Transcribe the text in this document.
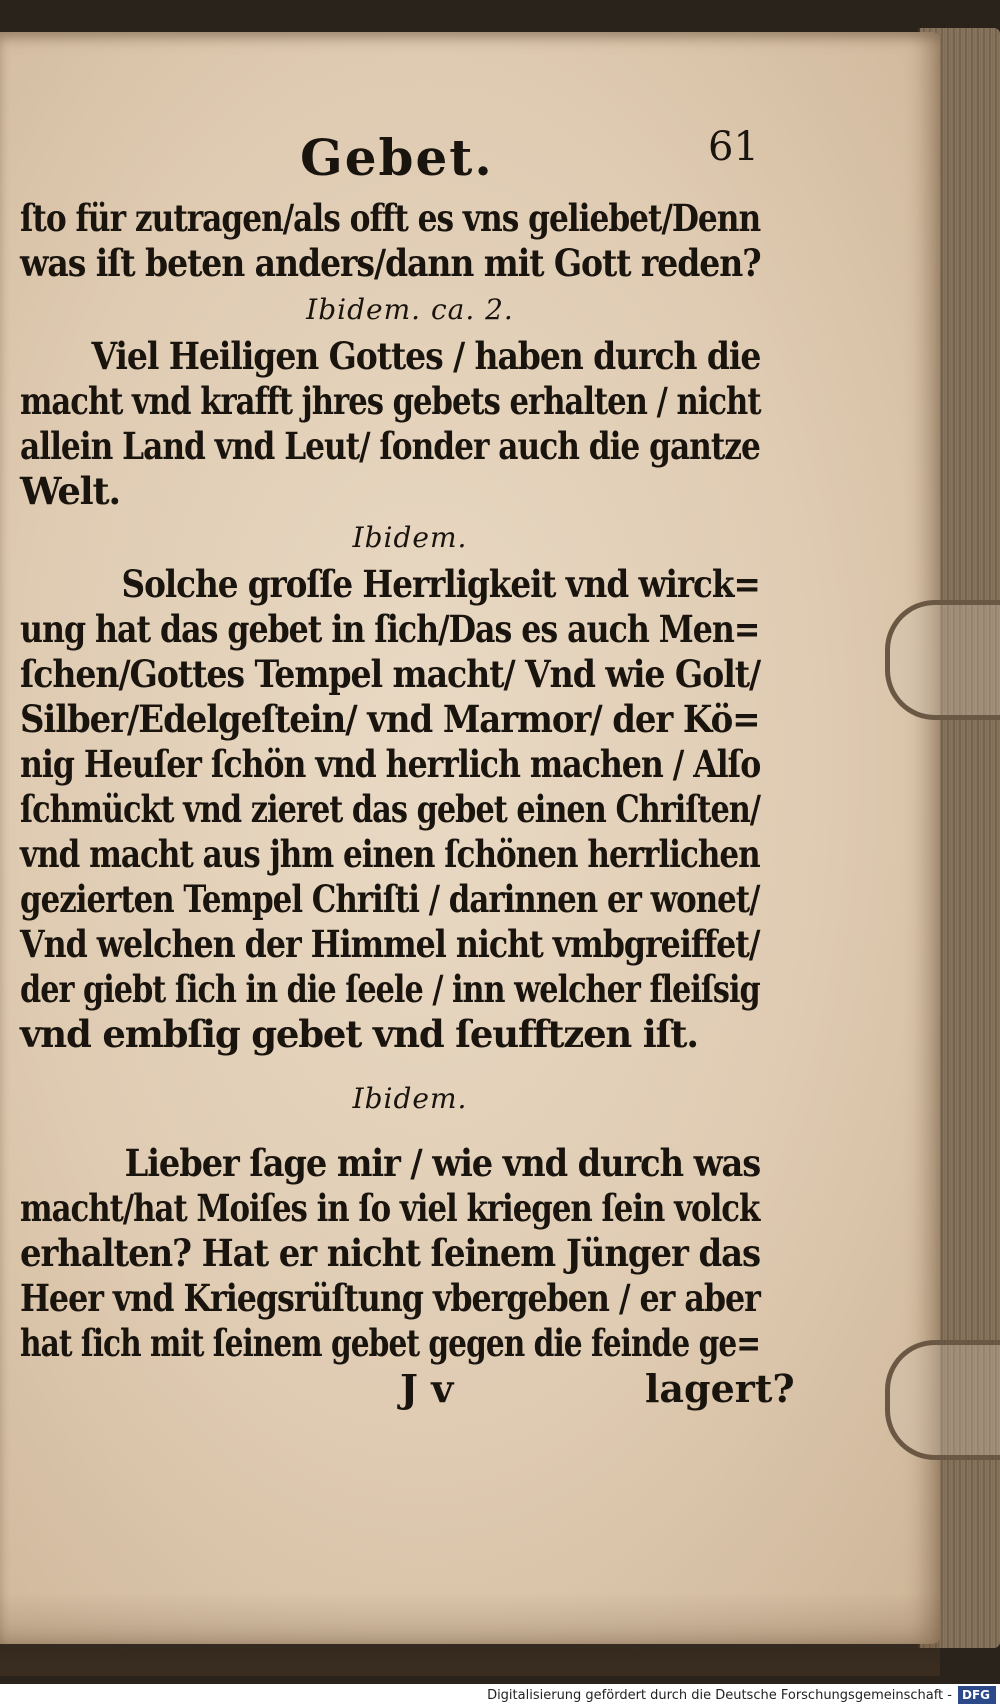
Gebet.	61
ſto für zutragen/als offt es vns geliebet/Denn
was iſt beten anders/dann mit Gott reden?
Ibidem. ca. 2.
Viel Heiligen Gottes / haben durch die
macht vnd krafft jhres gebets erhalten / nicht
allein Land vnd Leut/ ſonder auch die gantze
Welt.
Ibidem.
Solche groſſe Herrligkeit vnd wirck=
ung hat das gebet in ſich/Das es auch Men=
ſchen/Gottes Tempel macht/ Vnd wie Golt/
Silber/Edelgeſtein/ vnd Marmor/ der Kö=
nig Heuſer ſchön vnd herrlich machen / Alſo
ſchmückt vnd zieret das gebet einen Chriſten/
vnd macht aus jhm einen ſchönen herrlichen
gezierten Tempel Chriſti / darinnen er wonet/
Vnd welchen der Himmel nicht vmbgreiffet/
der giebt ſich in die ſeele / inn welcher fleiſsig
vnd embſig gebet vnd ſeufftzen iſt.
Ibidem.
Lieber ſage mir / wie vnd durch was
macht/hat Moiſes in ſo viel kriegen ſein volck
erhalten? Hat er nicht ſeinem Jünger das
Heer vnd Kriegsrüſtung vbergeben / er aber
hat ſich mit ſeinem gebet gegen die feinde ge=
J v	lagert?
Digitalisierung gefördert durch die Deutsche Forschungsgemeinschaft - DFG
